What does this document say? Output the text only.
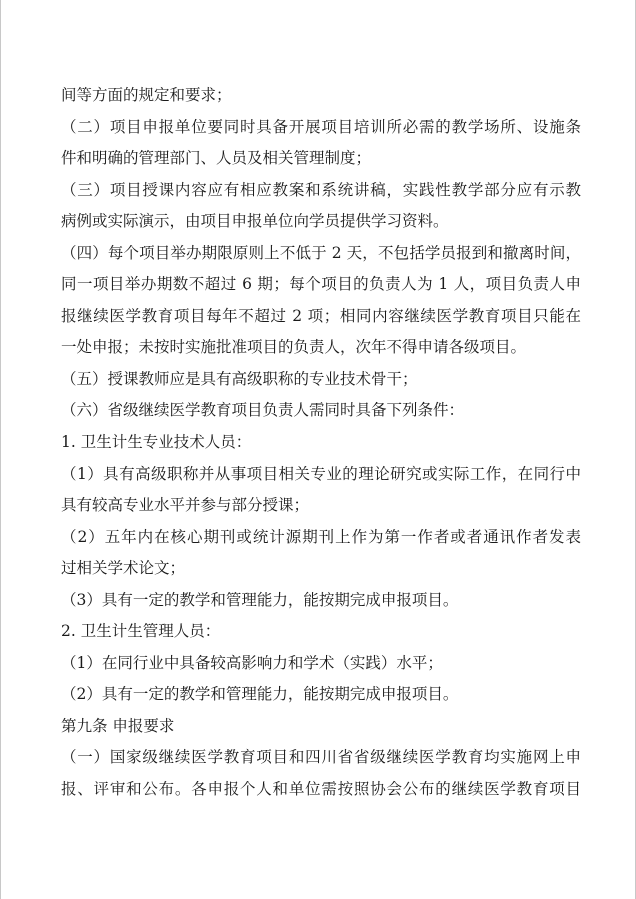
间等方面的规定和要求；
（二）项目申报单位要同时具备开展项目培训所必需的教学场所、设施条
件和明确的管理部门、人员及相关管理制度；
（三）项目授课内容应有相应教案和系统讲稿，实践性教学部分应有示教
病例或实际演示，由项目申报单位向学员提供学习资料。
（四）每个项目举办期限原则上不低于 2 天，不包括学员报到和撤离时间，
同一项目举办期数不超过 6 期；每个项目的负责人为 1 人，项目负责人申
报继续医学教育项目每年不超过 2 项；相同内容继续医学教育项目只能在
一处申报；未按时实施批准项目的负责人，次年不得申请各级项目。
（五）授课教师应是具有高级职称的专业技术骨干；
（六）省级继续医学教育项目负责人需同时具备下列条件：
1. 卫生计生专业技术人员：
（1）具有高级职称并从事项目相关专业的理论研究或实际工作，在同行中
具有较高专业水平并参与部分授课；
（2）五年内在核心期刊或统计源期刊上作为第一作者或者通讯作者发表
过相关学术论文；
（3）具有一定的教学和管理能力，能按期完成申报项目。
2. 卫生计生管理人员：
（1）在同行业中具备较高影响力和学术（实践）水平；
（2）具有一定的教学和管理能力，能按期完成申报项目。
第九条 申报要求
（一）国家级继续医学教育项目和四川省省级继续医学教育均实施网上申
报、评审和公布。各申报个人和单位需按照协会公布的继续医学教育项目
